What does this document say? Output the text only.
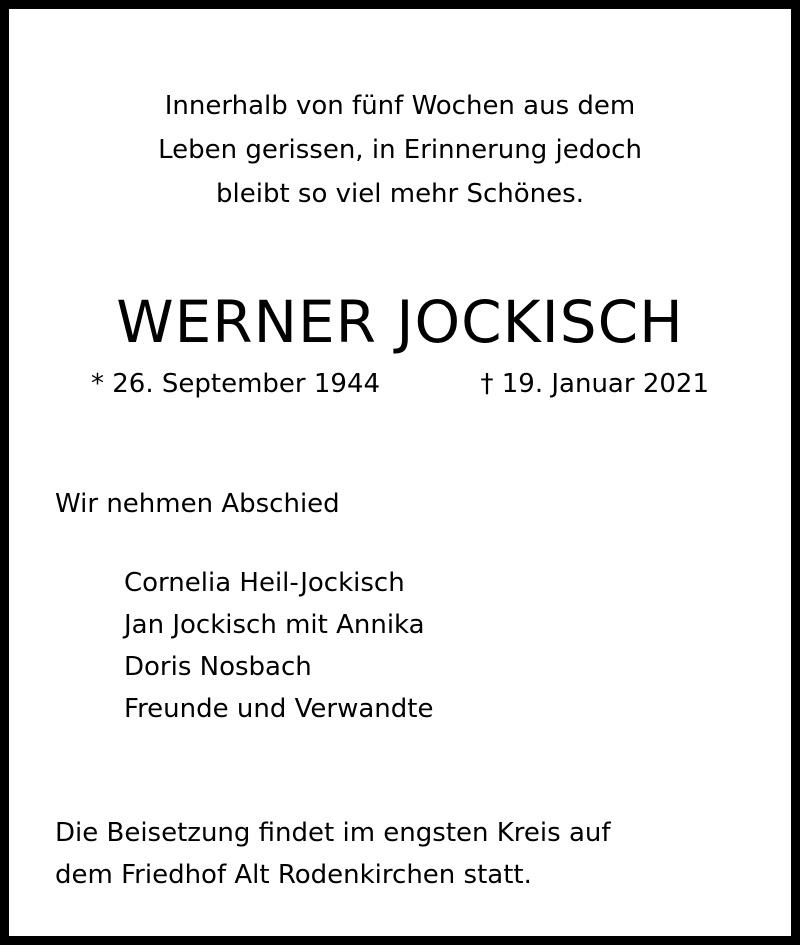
Innerhalb von fünf Wochen aus dem
Leben gerissen, in Erinnerung jedoch
bleibt so viel mehr Schönes.
WERNER JOCKISCH
* 26. September 1944	† 19. Januar 2021
Wir nehmen Abschied
Cornelia Heil-Jockisch
Jan Jockisch mit Annika
Doris Nosbach
Freunde und Verwandte
Die Beisetzung findet im engsten Kreis auf
dem Friedhof Alt Rodenkirchen statt.
